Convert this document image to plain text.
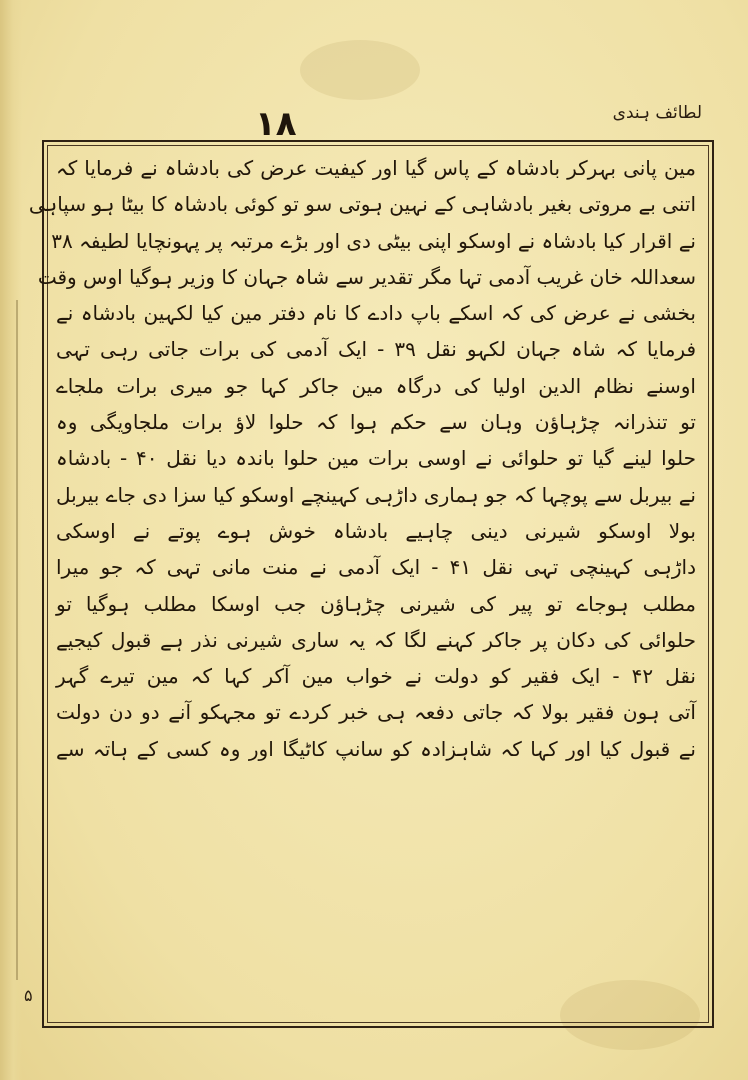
۱۸	لطائف ہندی
مین پانی بہرکر بادشاہ کے پاس گیا اور کیفیت عرض کی بادشاہ نے فرمایا کہ
اتنی بے مروتی بغیر بادشاہی کے نہین ہوتی سو تو کوئی بادشاہ کا بیٹا ہو سپاہی
نے اقرار کیا بادشاہ نے اوسکو اپنی بیٹی دی اور بڑے مرتبہ پر پہونچایا لطیفہ ۳۸
سعداللہ خان غریب آدمی تہا مگر تقدیر سے شاہ جہان کا وزیر ہوگیا اوس وقت
بخشی نے عرض کی کہ اسکے باپ دادے کا نام دفتر مین کیا لکہین بادشاہ نے
فرمایا کہ شاہ جہان لکہو نقل ۳۹ - ایک آدمی کی برات جاتی رہی تہی
اوسنے نظام الدین اولیا کی درگاہ مین جاکر کہا جو میری برات ملجاے
تو تنذرانہ چڑہاؤن وہان سے حکم ہوا کہ حلوا لاؤ برات ملجاویگی وہ
حلوا لینے گیا تو حلوائی نے اوسی برات مین حلوا باندہ دیا نقل ۴۰ - بادشاہ
نے بیربل سے پوچہا کہ جو ہماری داڑہی کہینچے اوسکو کیا سزا دی جاے بیربل
بولا اوسکو شیرنی دینی چاہیے بادشاہ خوش ہوے پوتے نے اوسکی
داڑہی کہینچی تہی نقل ۴۱ - ایک آدمی نے منت مانی تہی کہ جو میرا
مطلب ہوجاے تو پیر کی شیرنی چڑہاؤن جب اوسکا مطلب ہوگیا تو
حلوائی کی دکان پر جاکر کہنے لگا کہ یہ ساری شیرنی نذر ہے قبول کیجیے
نقل ۴۲ - ایک فقیر کو دولت نے خواب مین آکر کہا کہ مین تیرے گہر
آتی ہون فقیر بولا کہ جاتی دفعہ ہی خبر کردے تو مجہکو آنے دو دن دولت
نے قبول کیا اور کہا کہ شاہزادہ کو سانپ کاٹیگا اور وہ کسی کے ہاتہ سے
۵
